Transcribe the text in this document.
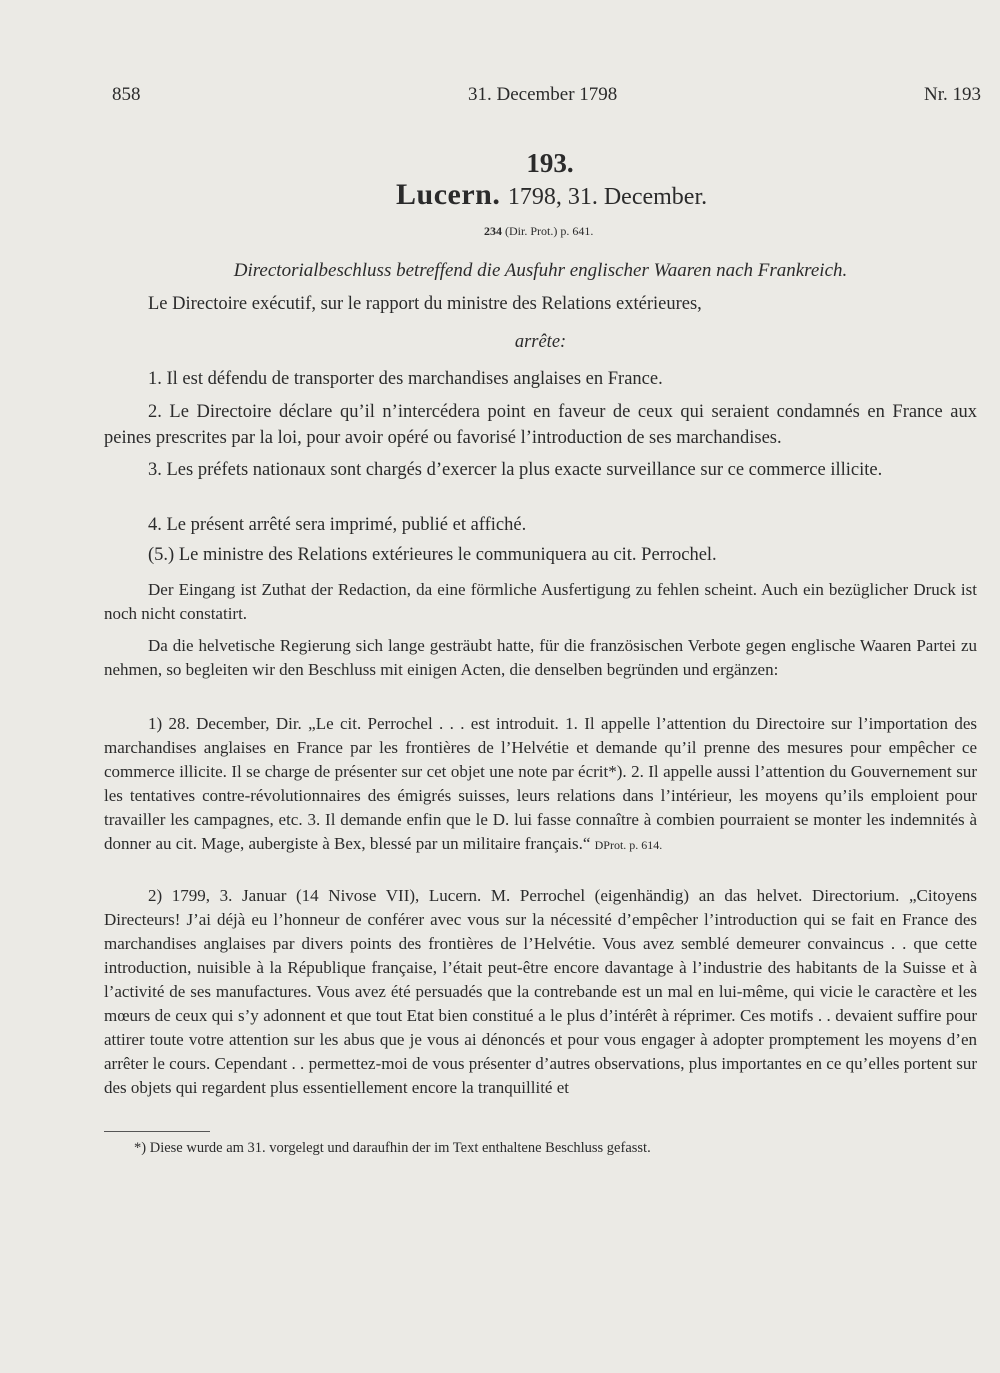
858	31. December 1798	Nr. 193
193.
Lucern. 1798, 31. December.
234 (Dir. Prot.) p. 641.

Directorialbeschluss betreffend die Ausfuhr englischer Waaren nach Frankreich.

Le Directoire exécutif, sur le rapport du ministre des Relations extérieures,

arrête:

1. Il est défendu de transporter des marchandises anglaises en France.

2. Le Directoire déclare qu’il n’intercédera point en faveur de ceux qui seraient condamnés en France aux peines prescrites par la loi, pour avoir opéré ou favorisé l’introduction de ses marchandises.

3. Les préfets nationaux sont chargés d’exercer la plus exacte surveillance sur ce commerce illicite.

4. Le présent arrêté sera imprimé, publié et affiché.

(5.) Le ministre des Relations extérieures le communiquera au cit. Perrochel.

Der Eingang ist Zuthat der Redaction, da eine förmliche Ausfertigung zu fehlen scheint. Auch ein bezüglicher Druck ist noch nicht constatirt.

Da die helvetische Regierung sich lange gesträubt hatte, für die französischen Verbote gegen englische Waaren Partei zu nehmen, so begleiten wir den Beschluss mit einigen Acten, die denselben begründen und ergänzen:

1) 28. December, Dir. „Le cit. Perrochel . . . est introduit. 1. Il appelle l’attention du Directoire sur l’importation des marchandises anglaises en France par les frontières de l’Helvétie et demande qu’il prenne des mesures pour empêcher ce commerce illicite. Il se charge de présenter sur cet objet une note par écrit*). 2. Il appelle aussi l’attention du Gouvernement sur les tentatives contre-révolutionnaires des émigrés suisses, leurs relations dans l’intérieur, les moyens qu’ils emploient pour travailler les campagnes, etc. 3. Il demande enfin que le D. lui fasse connaître à combien pourraient se monter les indemnités à donner au cit. Mage, aubergiste à Bex, blessé par un militaire français.“ DProt. p. 614.

2) 1799, 3. Januar (14 Nivose VII), Lucern. M. Perrochel (eigenhändig) an das helvet. Directorium. „Citoyens Directeurs! J’ai déjà eu l’honneur de conférer avec vous sur la nécessité d’empêcher l’introduction qui se fait en France des marchandises anglaises par divers points des frontières de l’Helvétie. Vous avez semblé demeurer convaincus . . que cette introduction, nuisible à la République française, l’était peut-être encore davantage à l’industrie des habitants de la Suisse et à l’activité de ses manufactures. Vous avez été persuadés que la contrebande est un mal en lui-même, qui vicie le caractère et les mœurs de ceux qui s’y adonnent et que tout Etat bien constitué a le plus d’intérêt à réprimer. Ces motifs . . devaient suffire pour attirer toute votre attention sur les abus que je vous ai dénoncés et pour vous engager à adopter promptement les moyens d’en arrêter le cours. Cependant . . permettez-moi de vous présenter d’autres observations, plus importantes en ce qu’elles portent sur des objets qui regardent plus essentiellement encore la tranquillité et

*) Diese wurde am 31. vorgelegt und daraufhin der im Text enthaltene Beschluss gefasst.
